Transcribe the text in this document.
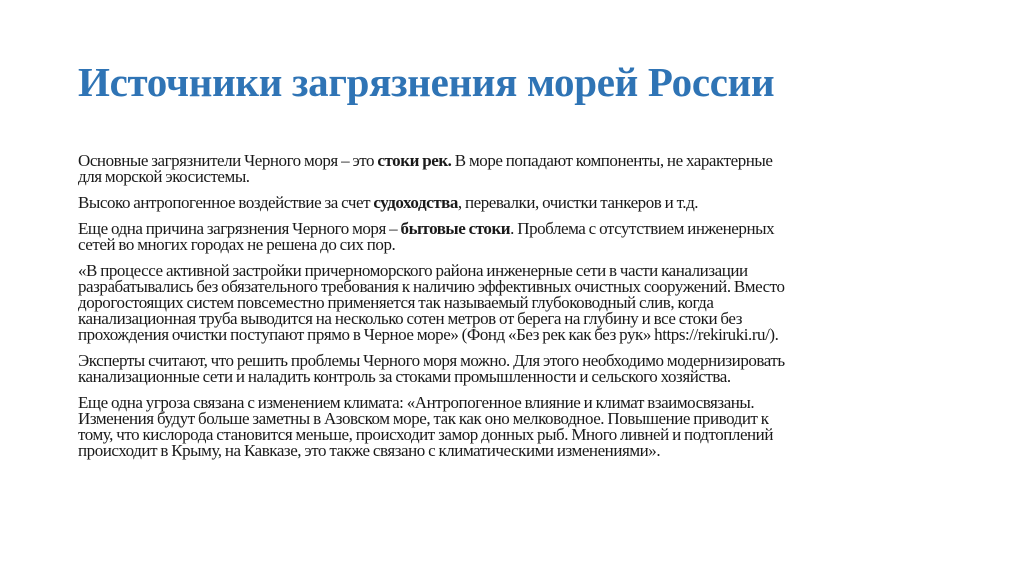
Источники загрязнения морей России

Основные загрязнители Черного моря – это стоки рек. В море попадают компоненты, не характерные
для морской экосистемы.

Высоко антропогенное воздействие за счет судоходства, перевалки, очистки танкеров и т.д.

Еще одна причина загрязнения Черного моря – бытовые стоки. Проблема с отсутствием инженерных
сетей во многих городах не решена до сих пор.

«В процессе активной застройки причерноморского района инженерные сети в части канализации
разрабатывались без обязательного требования к наличию эффективных очистных сооружений. Вместо
дорогостоящих систем повсеместно применяется так называемый глубоководный слив, когда
канализационная труба выводится на несколько сотен метров от берега на глубину и все стоки без
прохождения очистки поступают прямо в Черное море» (Фонд «Без рек как без рук» https://rekiruki.ru/).

Эксперты считают, что решить проблемы Черного моря можно. Для этого необходимо модернизировать
канализационные сети и наладить контроль за стоками промышленности и сельского хозяйства.

Еще одна угроза связана с изменением климата: «Антропогенное влияние и климат взаимосвязаны.
Изменения будут больше заметны в Азовском море, так как оно мелководное. Повышение приводит к
тому, что кислорода становится меньше, происходит замор донных рыб. Много ливней и подтоплений
происходит в Крыму, на Кавказе, это также связано с климатическими изменениями».
